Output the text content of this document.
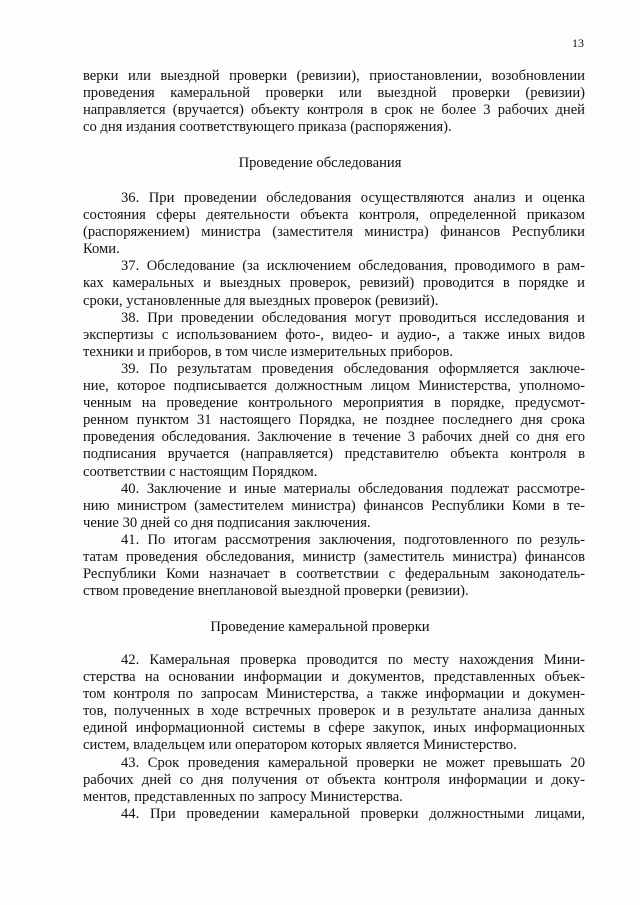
13
верки или выездной проверки (ревизии), приостановлении, возобновлении
проведения камеральной проверки или выездной проверки (ревизии)
направляется (вручается) объекту контроля в срок не более 3 рабочих дней
со дня издания соответствующего приказа (распоряжения).
Проведение обследования
36. При проведении обследования осуществляются анализ и оценка
состояния сферы деятельности объекта контроля, определенной приказом
(распоряжением) министра (заместителя министра) финансов Республики
Коми.
37. Обследование (за исключением обследования, проводимого в рам-
ках камеральных и выездных проверок, ревизий) проводится в порядке и
сроки, установленные для выездных проверок (ревизий).
38. При проведении обследования могут проводиться исследования и
экспертизы с использованием фото-, видео- и аудио-, а также иных видов
техники и приборов, в том числе измерительных приборов.
39. По результатам проведения обследования оформляется заключе-
ние, которое подписывается должностным лицом Министерства, уполномо-
ченным на проведение контрольного мероприятия в порядке, предусмот-
ренном пунктом 31 настоящего Порядка, не позднее последнего дня срока
проведения обследования. Заключение в течение 3 рабочих дней со дня его
подписания вручается (направляется) представителю объекта контроля в
соответствии с настоящим Порядком.
40. Заключение и иные материалы обследования подлежат рассмотре-
нию министром (заместителем министра) финансов Республики Коми в те-
чение 30 дней со дня подписания заключения.
41. По итогам рассмотрения заключения, подготовленного по резуль-
татам проведения обследования, министр (заместитель министра) финансов
Республики Коми назначает в соответствии с федеральным законодатель-
ством проведение внеплановой выездной проверки (ревизии).
Проведение камеральной проверки
42. Камеральная проверка проводится по месту нахождения Мини-
стерства на основании информации и документов, представленных объек-
том контроля по запросам Министерства, а также информации и докумен-
тов, полученных в ходе встречных проверок и в результате анализа данных
единой информационной системы в сфере закупок, иных информационных
систем, владельцем или оператором которых является Министерство.
43. Срок проведения камеральной проверки не может превышать 20
рабочих дней со дня получения от объекта контроля информации и доку-
ментов, представленных по запросу Министерства.
44. При проведении камеральной проверки должностными лицами,
